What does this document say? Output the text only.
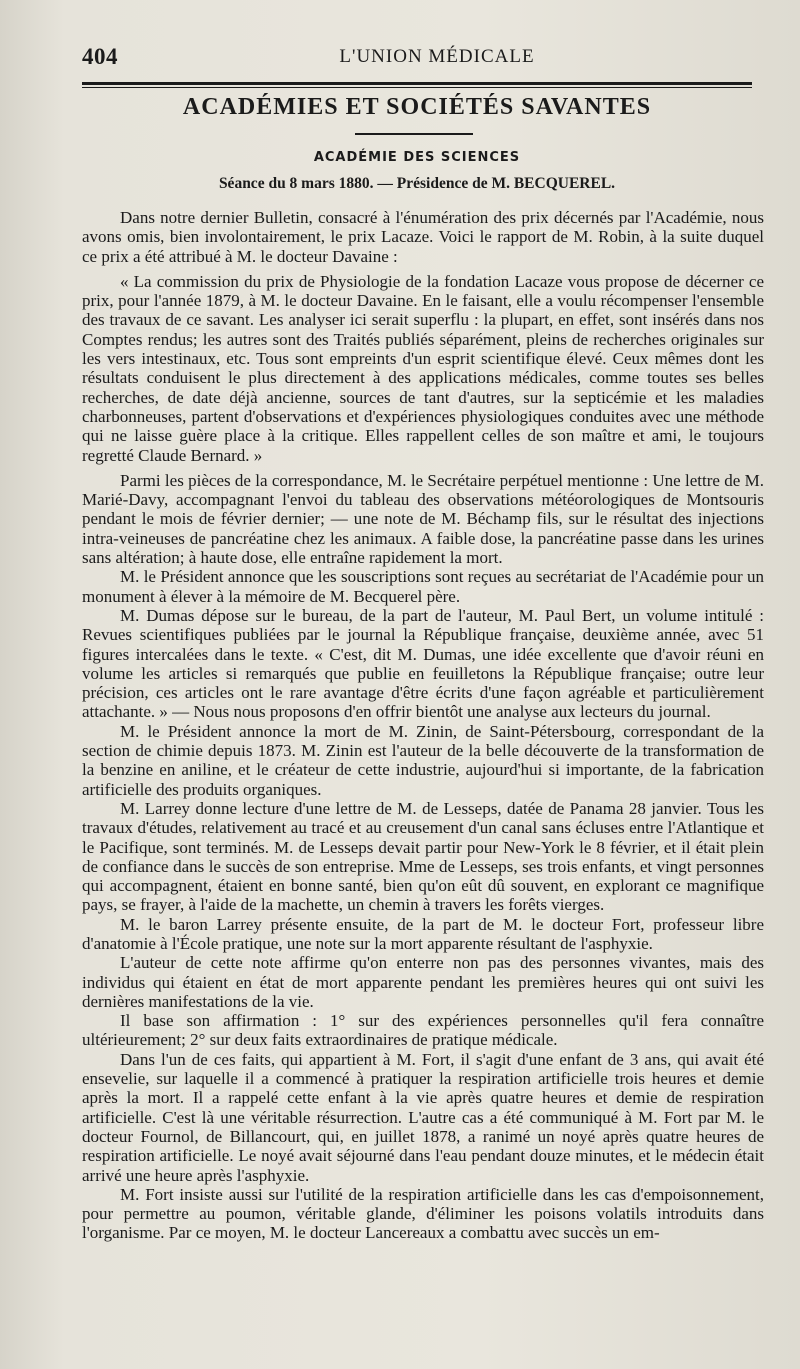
404	L'UNION MÉDICALE
ACADÉMIES ET SOCIÉTÉS SAVANTES
ACADÉMIE DES SCIENCES
Séance du 8 mars 1880. — Présidence de M. BECQUEREL.

Dans notre dernier Bulletin, consacré à l'énumération des prix décernés par l'Académie, nous avons omis, bien involontairement, le prix Lacaze. Voici le rapport de M. Robin, à la suite duquel ce prix a été attribué à M. le docteur Davaine :

« La commission du prix de Physiologie de la fondation Lacaze vous propose de décerner ce prix, pour l'année 1879, à M. le docteur Davaine. En le faisant, elle a voulu récompenser l'ensemble des travaux de ce savant. Les analyser ici serait superflu : la plupart, en effet, sont insérés dans nos Comptes rendus; les autres sont des Traités publiés séparément, pleins de recherches originales sur les vers intestinaux, etc. Tous sont empreints d'un esprit scientifique élevé. Ceux mêmes dont les résultats conduisent le plus directement à des applications médicales, comme toutes ses belles recherches, de date déjà ancienne, sources de tant d'autres, sur la septicémie et les maladies charbonneuses, partent d'observations et d'expériences physiologiques conduites avec une méthode qui ne laisse guère place à la critique. Elles rappellent celles de son maître et ami, le toujours regretté Claude Bernard. »

Parmi les pièces de la correspondance, M. le Secrétaire perpétuel mentionne : Une lettre de M. Marié-Davy, accompagnant l'envoi du tableau des observations météorologiques de Montsouris pendant le mois de février dernier; — une note de M. Béchamp fils, sur le résultat des injections intra-veineuses de pancréatine chez les animaux. A faible dose, la pancréatine passe dans les urines sans altération; à haute dose, elle entraîne rapidement la mort.

M. le Président annonce que les souscriptions sont reçues au secrétariat de l'Académie pour un monument à élever à la mémoire de M. Becquerel père.

M. Dumas dépose sur le bureau, de la part de l'auteur, M. Paul Bert, un volume intitulé : Revues scientifiques publiées par le journal la République française, deuxième année, avec 51 figures intercalées dans le texte. « C'est, dit M. Dumas, une idée excellente que d'avoir réuni en volume les articles si remarqués que publie en feuilletons la République française; outre leur précision, ces articles ont le rare avantage d'être écrits d'une façon agréable et particulièrement attachante. » — Nous nous proposons d'en offrir bientôt une analyse aux lecteurs du journal.

M. le Président annonce la mort de M. Zinin, de Saint-Pétersbourg, correspondant de la section de chimie depuis 1873. M. Zinin est l'auteur de la belle découverte de la transformation de la benzine en aniline, et le créateur de cette industrie, aujourd'hui si importante, de la fabrication artificielle des produits organiques.

M. Larrey donne lecture d'une lettre de M. de Lesseps, datée de Panama 28 janvier. Tous les travaux d'études, relativement au tracé et au creusement d'un canal sans écluses entre l'Atlantique et le Pacifique, sont terminés. M. de Lesseps devait partir pour New-York le 8 février, et il était plein de confiance dans le succès de son entreprise. Mme de Lesseps, ses trois enfants, et vingt personnes qui accompagnent, étaient en bonne santé, bien qu'on eût dû souvent, en explorant ce magnifique pays, se frayer, à l'aide de la machette, un chemin à travers les forêts vierges.

M. le baron Larrey présente ensuite, de la part de M. le docteur Fort, professeur libre d'anatomie à l'École pratique, une note sur la mort apparente résultant de l'asphyxie.

L'auteur de cette note affirme qu'on enterre non pas des personnes vivantes, mais des individus qui étaient en état de mort apparente pendant les premières heures qui ont suivi les dernières manifestations de la vie.

Il base son affirmation : 1° sur des expériences personnelles qu'il fera connaître ultérieurement; 2° sur deux faits extraordinaires de pratique médicale.

Dans l'un de ces faits, qui appartient à M. Fort, il s'agit d'une enfant de 3 ans, qui avait été ensevelie, sur laquelle il a commencé à pratiquer la respiration artificielle trois heures et demie après la mort. Il a rappelé cette enfant à la vie après quatre heures et demie de respiration artificielle. C'est là une véritable résurrection. L'autre cas a été communiqué à M. Fort par M. le docteur Fournol, de Billancourt, qui, en juillet 1878, a ranimé un noyé après quatre heures de respiration artificielle. Le noyé avait séjourné dans l'eau pendant douze minutes, et le médecin était arrivé une heure après l'asphyxie.

M. Fort insiste aussi sur l'utilité de la respiration artificielle dans les cas d'empoisonnement, pour permettre au poumon, véritable glande, d'éliminer les poisons volatils introduits dans l'organisme. Par ce moyen, M. le docteur Lancereaux a combattu avec succès un em-
